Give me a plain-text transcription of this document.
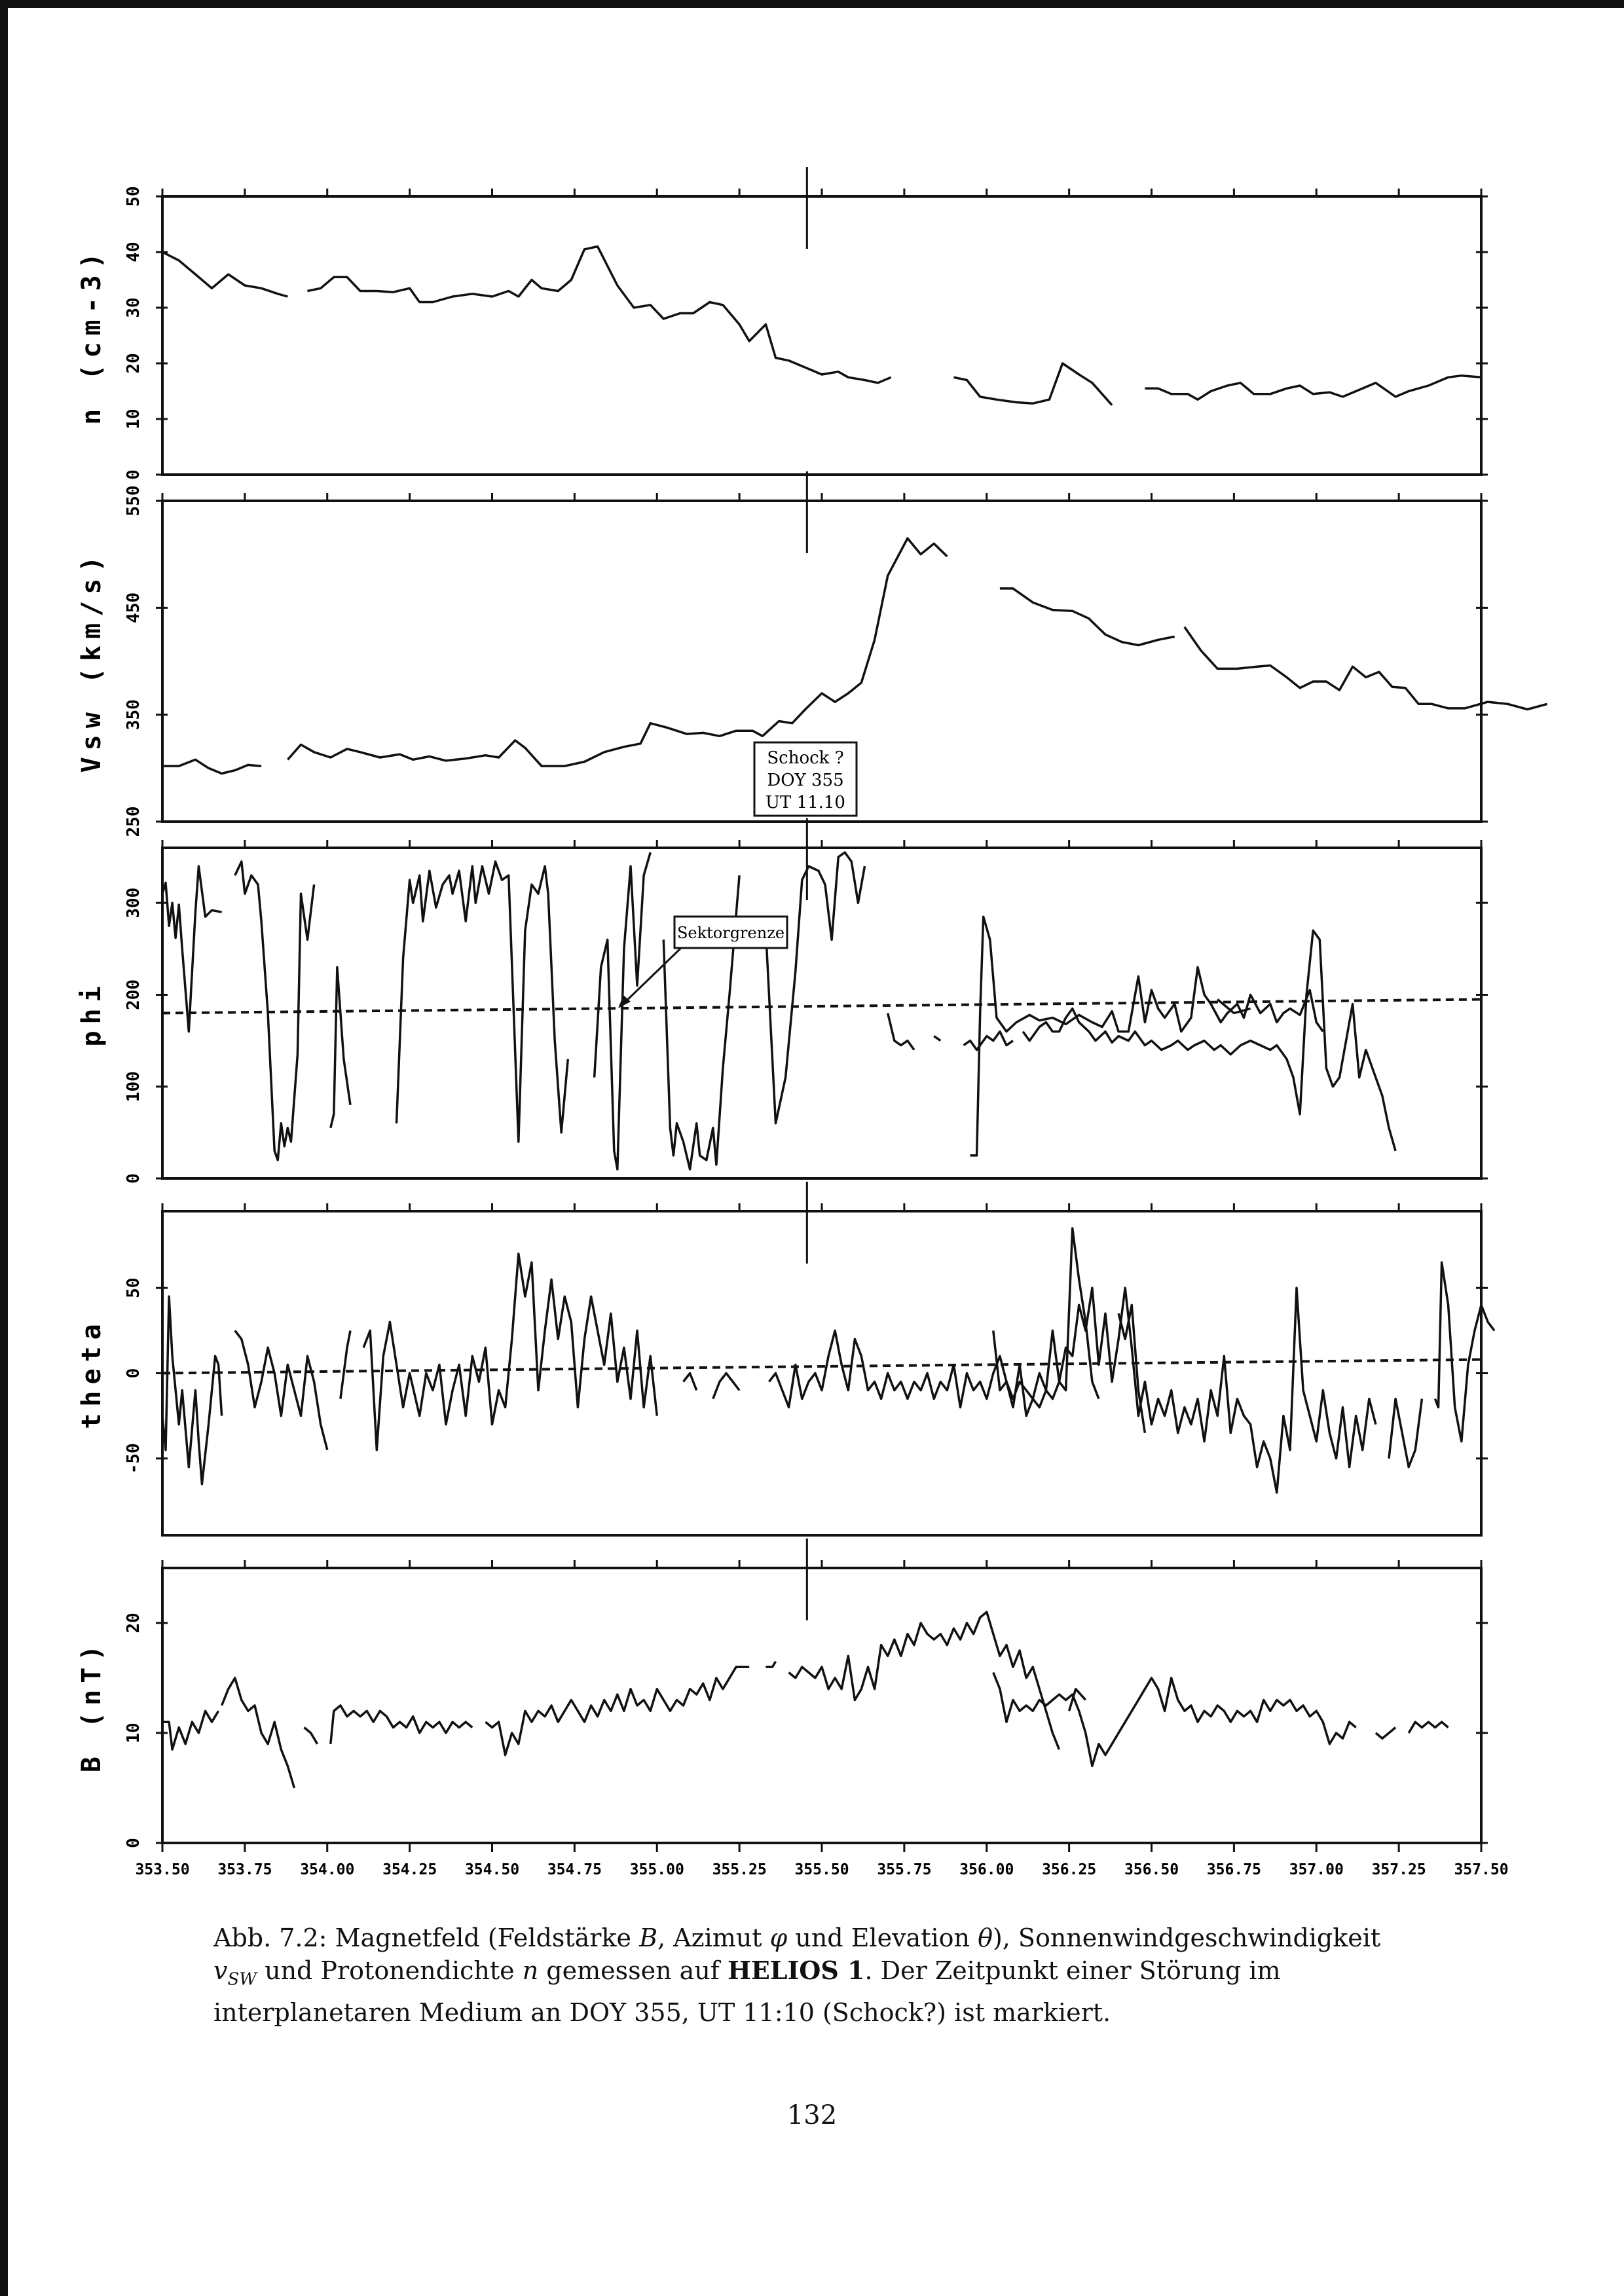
0
10
20
30
40
50
n (cm-3)
250
350
450
550
Vsw (km/s)
0
100
200
300
phi
-50
0
50
theta
0
10
20
B (nT)
353.50 353.75 354.00 354.25 354.50 354.75 355.00 355.25 355.50 355.75 356.00 356.25 356.50 356.75 357.00 357.25 357.50
Schock ?
DOY 355
UT 11.10
Sektorgrenze
Abb. 7.2: Magnetfeld (Feldstärke B, Azimut φ und Elevation θ), Sonnenwindgeschwindigkeit $v_{SW}$ und Protonendichte n gemessen auf HELIOS 1. Der Zeitpunkt einer Störung im interplanetaren Medium an DOY 355, UT 11:10 (Schock?) ist markiert.
132
